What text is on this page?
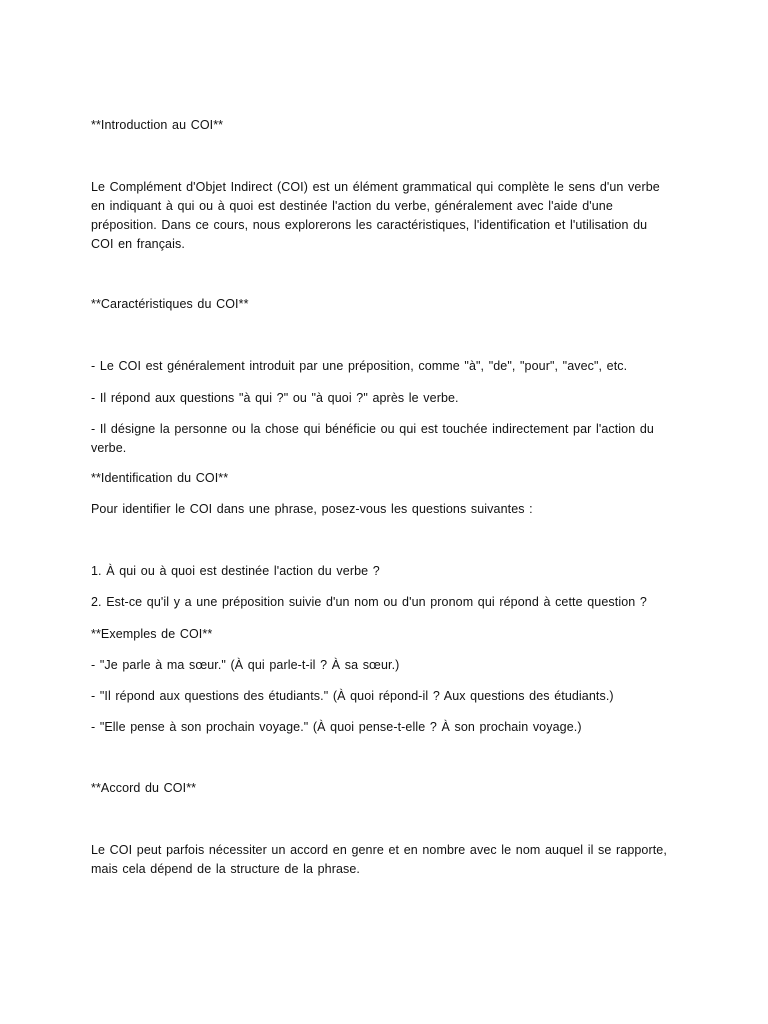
**Introduction au COI**

Le Complément d'Objet Indirect (COI) est un élément grammatical qui complète le sens d'un verbe en indiquant à qui ou à quoi est destinée l'action du verbe, généralement avec l'aide d'une préposition. Dans ce cours, nous explorerons les caractéristiques, l'identification et l'utilisation du COI en français.

**Caractéristiques du COI**

- Le COI est généralement introduit par une préposition, comme "à", "de", "pour", "avec", etc.

- Il répond aux questions "à qui ?" ou "à quoi ?" après le verbe.

- Il désigne la personne ou la chose qui bénéficie ou qui est touchée indirectement par l'action du verbe.

**Identification du COI**

Pour identifier le COI dans une phrase, posez-vous les questions suivantes :

1. À qui ou à quoi est destinée l'action du verbe ?

2. Est-ce qu'il y a une préposition suivie d'un nom ou d'un pronom qui répond à cette question ?

**Exemples de COI**

- "Je parle à ma sœur." (À qui parle-t-il ? À sa sœur.)

- "Il répond aux questions des étudiants." (À quoi répond-il ? Aux questions des étudiants.)

- "Elle pense à son prochain voyage." (À quoi pense-t-elle ? À son prochain voyage.)

**Accord du COI**

Le COI peut parfois nécessiter un accord en genre et en nombre avec le nom auquel il se rapporte, mais cela dépend de la structure de la phrase.
